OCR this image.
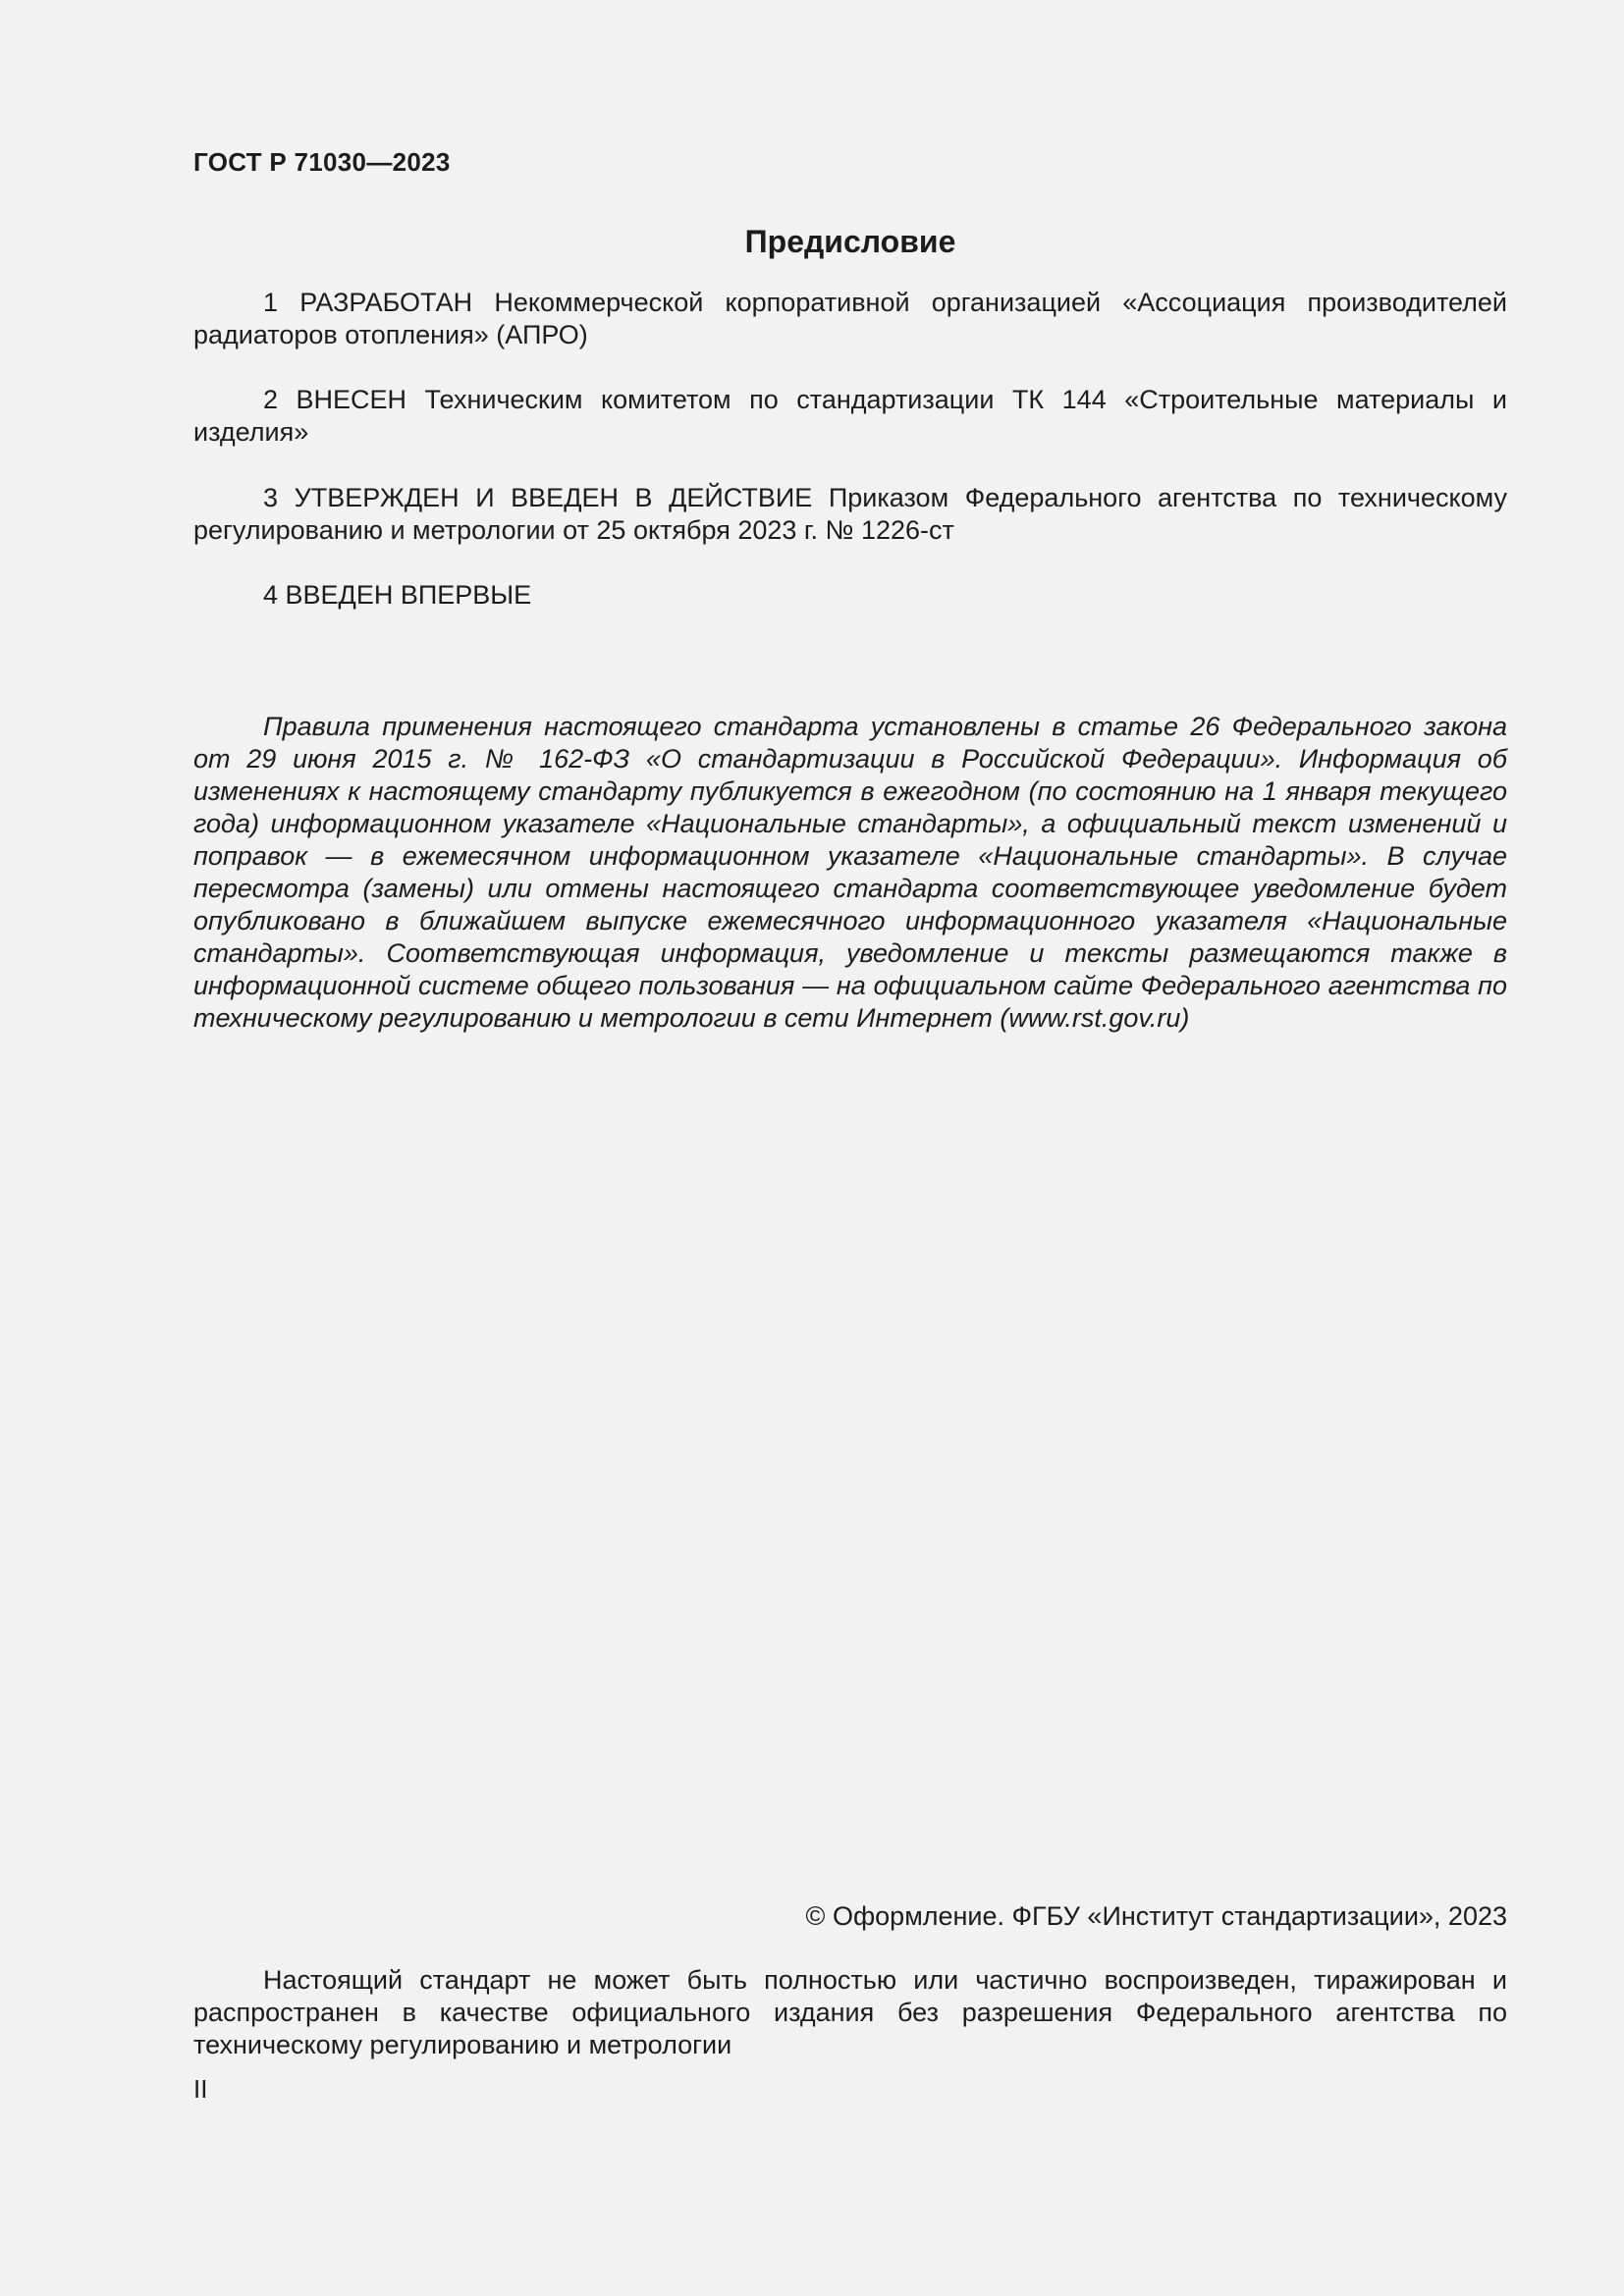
ГОСТ Р 71030—2023
Предисловие
1 РАЗРАБОТАН Некоммерческой корпоративной организацией «Ассоциация производителей радиаторов отопления» (АПРО)
2 ВНЕСЕН Техническим комитетом по стандартизации ТК 144 «Строительные материалы и изделия»
3 УТВЕРЖДЕН И ВВЕДЕН В ДЕЙСТВИЕ Приказом Федерального агентства по техническому регулированию и метрологии от 25 октября 2023 г. № 1226-ст
4 ВВЕДЕН ВПЕРВЫЕ
Правила применения настоящего стандарта установлены в статье 26 Федерального закона от 29 июня 2015 г. № 162-ФЗ «О стандартизации в Российской Федерации». Информация об изменениях к настоящему стандарту публикуется в ежегодном (по состоянию на 1 января текущего года) информационном указателе «Национальные стандарты», а официальный текст изменений и поправок — в ежемесячном информационном указателе «Национальные стандарты». В случае пересмотра (замены) или отмены настоящего стандарта соответствующее уведомление будет опубликовано в ближайшем выпуске ежемесячного информационного указателя «Национальные стандарты». Соответствующая информация, уведомление и тексты размещаются также в информационной системе общего пользования — на официальном сайте Федерального агентства по техническому регулированию и метрологии в сети Интернет (www.rst.gov.ru)
© Оформление. ФГБУ «Институт стандартизации», 2023
Настоящий стандарт не может быть полностью или частично воспроизведен, тиражирован и распространен в качестве официального издания без разрешения Федерального агентства по техническому регулированию и метрологии
II
